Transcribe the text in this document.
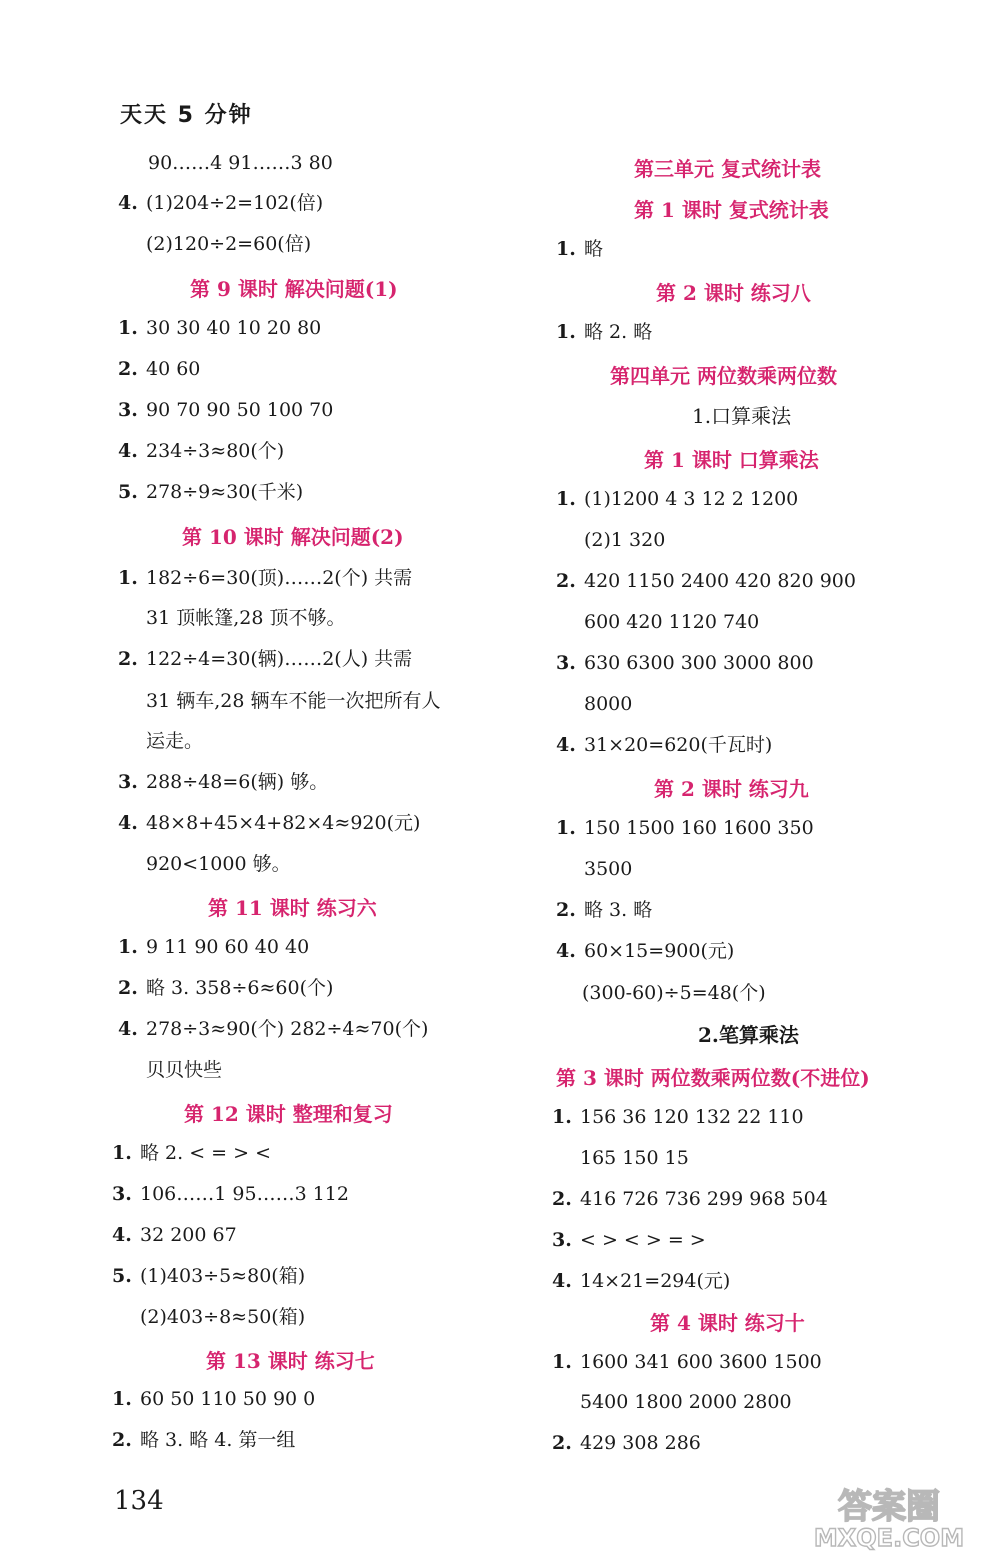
天天 5 分钟
90……4 91……3 80
4. (1)204÷2=102(倍)
(2)120÷2=60(倍)
第 9 课时 解决问题(1)
1. 30 30 40 10 20 80
2. 40 60
3. 90 70 90 50 100 70
4. 234÷3≈80(个)
5. 278÷9≈30(千米)
第 10 课时 解决问题(2)
1. 182÷6=30(顶)……2(个) 共需
31 顶帐篷,28 顶不够。
2. 122÷4=30(辆)……2(人) 共需
31 辆车,28 辆车不能一次把所有人
运走。
3. 288÷48=6(辆) 够。
4. 48×8+45×4+82×4≈920(元)
920<1000 够。
第 11 课时 练习六
1. 9 11 90 60 40 40
2. 略 3. 358÷6≈60(个)
4. 278÷3≈90(个) 282÷4≈70(个)
贝贝快些
第 12 课时 整理和复习
1. 略 2. < = > <
3. 106……1 95……3 112
4. 32 200 67
5. (1)403÷5≈80(箱)
(2)403÷8≈50(箱)
第 13 课时 练习七
1. 60 50 110 50 90 0
2. 略 3. 略 4. 第一组
第三单元 复式统计表
第 1 课时 复式统计表
1. 略
第 2 课时 练习八
1. 略 2. 略
第四单元 两位数乘两位数
1.口算乘法
第 1 课时 口算乘法
1. (1)1200 4 3 12 2 1200
(2)1 320
2. 420 1150 2400 420 820 900
600 420 1120 740
3. 630 6300 300 3000 800
8000
4. 31×20=620(千瓦时)
第 2 课时 练习九
1. 150 1500 160 1600 350
3500
2. 略 3. 略
4. 60×15=900(元)
(300-60)÷5=48(个)
2.笔算乘法
第 3 课时 两位数乘两位数(不进位)
1. 156 36 120 132 22 110
165 150 15
2. 416 726 736 299 968 504
3. < > < > = >
4. 14×21=294(元)
第 4 课时 练习十
1. 1600 341 600 3600 1500
5400 1800 2000 2800
2. 429 308 286
134	答案圈
MXQE.COM
